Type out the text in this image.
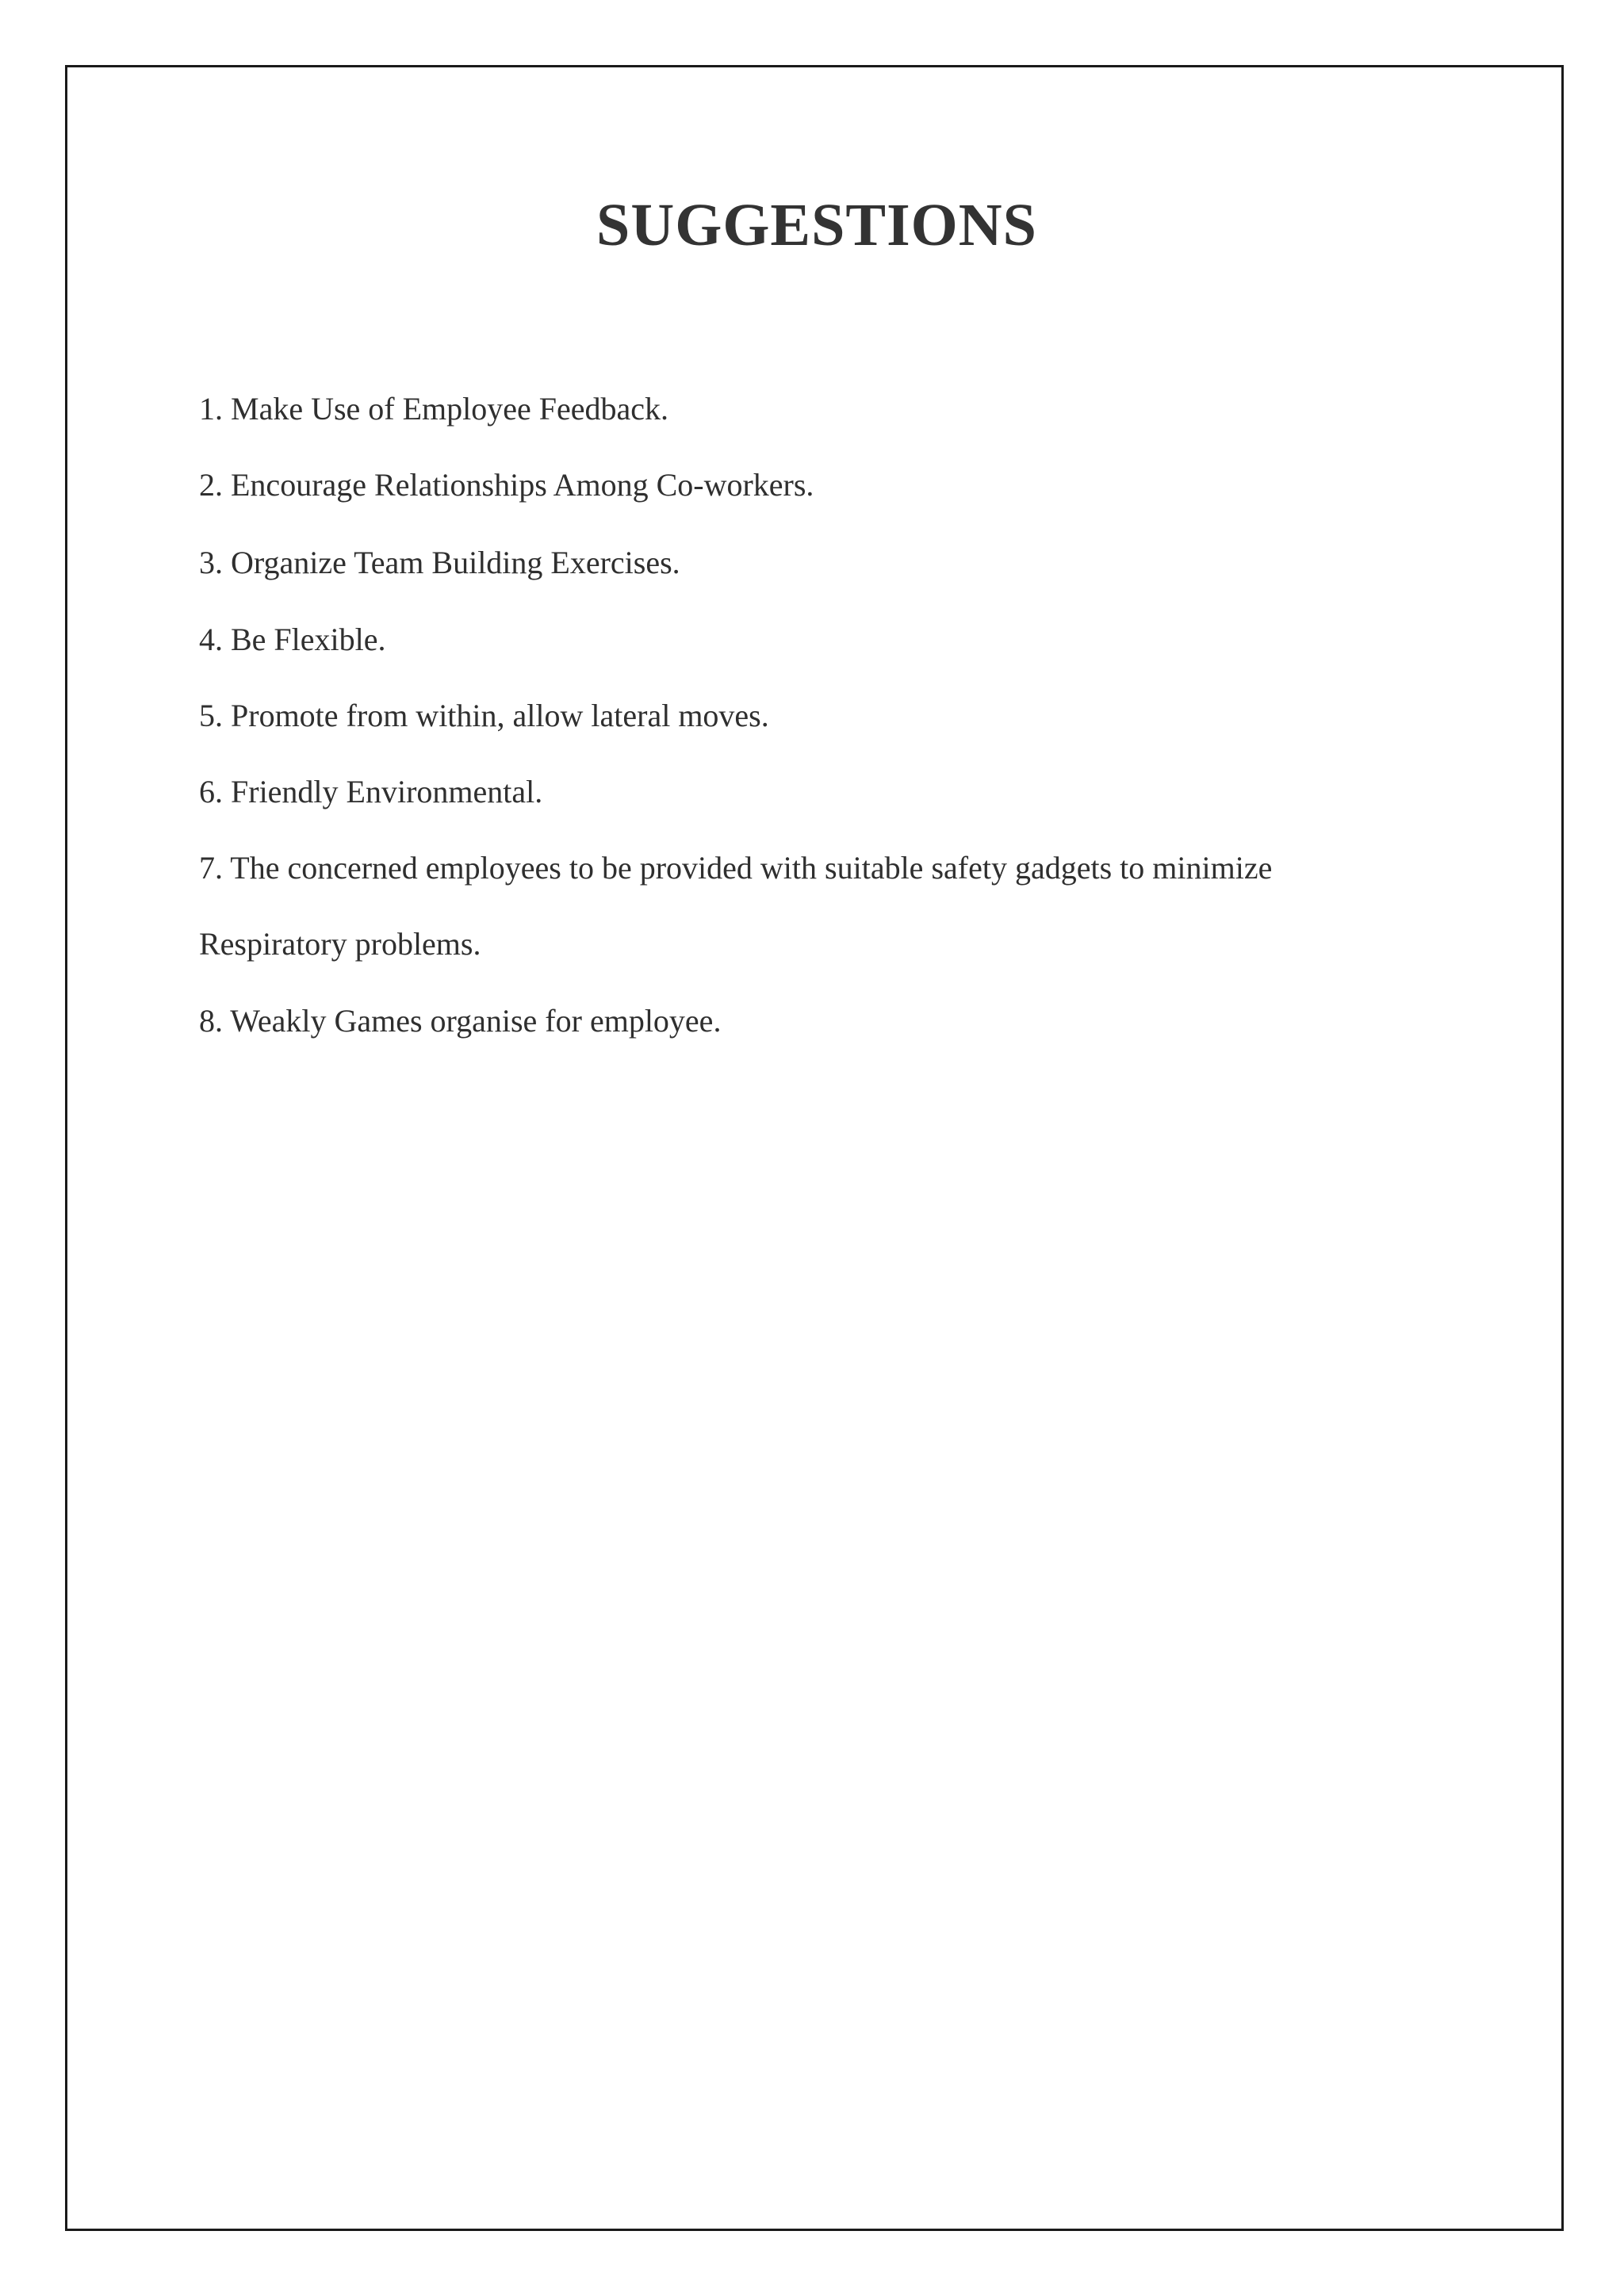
SUGGESTIONS
1. Make Use of Employee Feedback.
2. Encourage Relationships Among Co-workers.
3. Organize Team Building Exercises.
4. Be Flexible.
5. Promote from within, allow lateral moves.
6. Friendly Environmental.
7. The concerned employees to be provided with suitable safety gadgets to minimize
Respiratory problems.
8. Weakly Games organise for employee.
